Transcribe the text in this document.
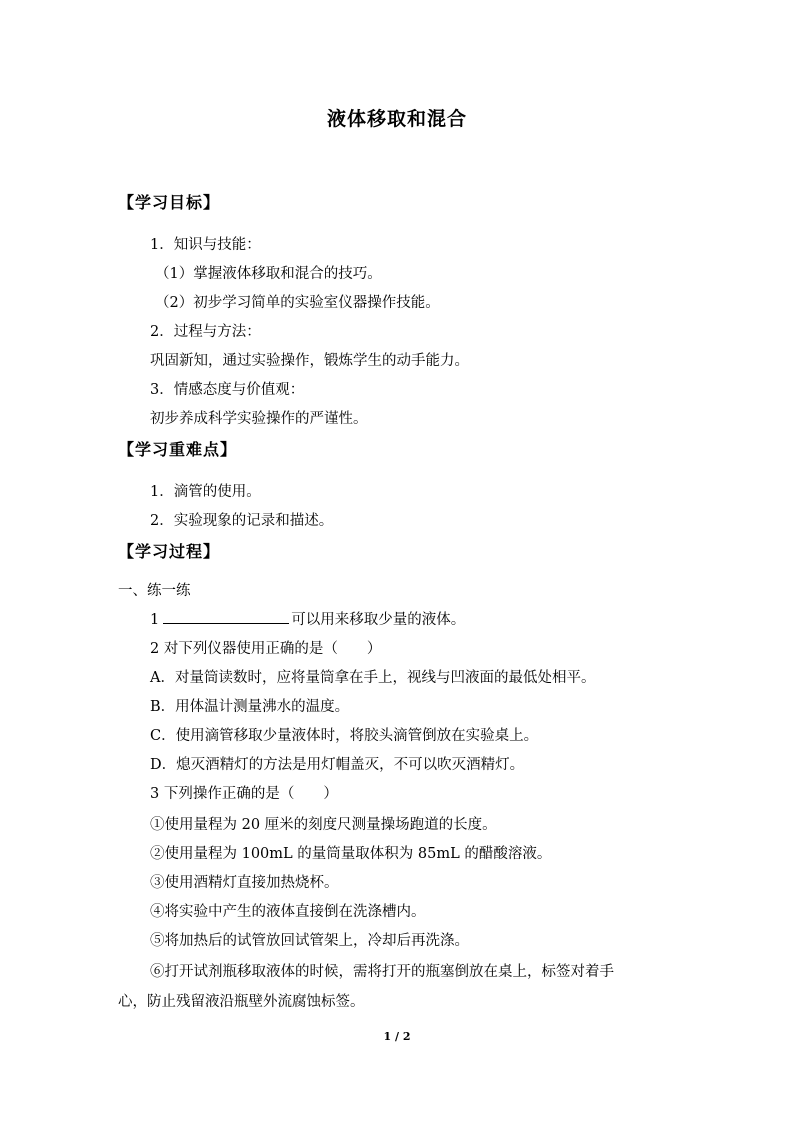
液体移取和混合
【学习目标】
1．知识与技能：
（1）掌握液体移取和混合的技巧。
（2）初步学习简单的实验室仪器操作技能。
2．过程与方法：
巩固新知，通过实验操作，锻炼学生的动手能力。
3．情感态度与价值观：
初步养成科学实验操作的严谨性。
【学习重难点】
1．滴管的使用。
2．实验现象的记录和描述。
【学习过程】
一、练一练
1	可以用来移取少量的液体。
2 对下列仪器使用正确的是（　　）
A．对量筒读数时，应将量筒拿在手上，视线与凹液面的最低处相平。
B．用体温计测量沸水的温度。
C．使用滴管移取少量液体时，将胶头滴管倒放在实验桌上。
D．熄灭酒精灯的方法是用灯帽盖灭，不可以吹灭酒精灯。
3 下列操作正确的是（　　）
①使用量程为 20 厘米的刻度尺测量操场跑道的长度。
②使用量程为 100mL 的量筒量取体积为 85mL 的醋酸溶液。
③使用酒精灯直接加热烧杯。
④将实验中产生的液体直接倒在洗涤槽内。
⑤将加热后的试管放回试管架上，冷却后再洗涤。
⑥打开试剂瓶移取液体的时候，需将打开的瓶塞倒放在桌上，标签对着手
心，防止残留液沿瓶壁外流腐蚀标签。
1 / 2
